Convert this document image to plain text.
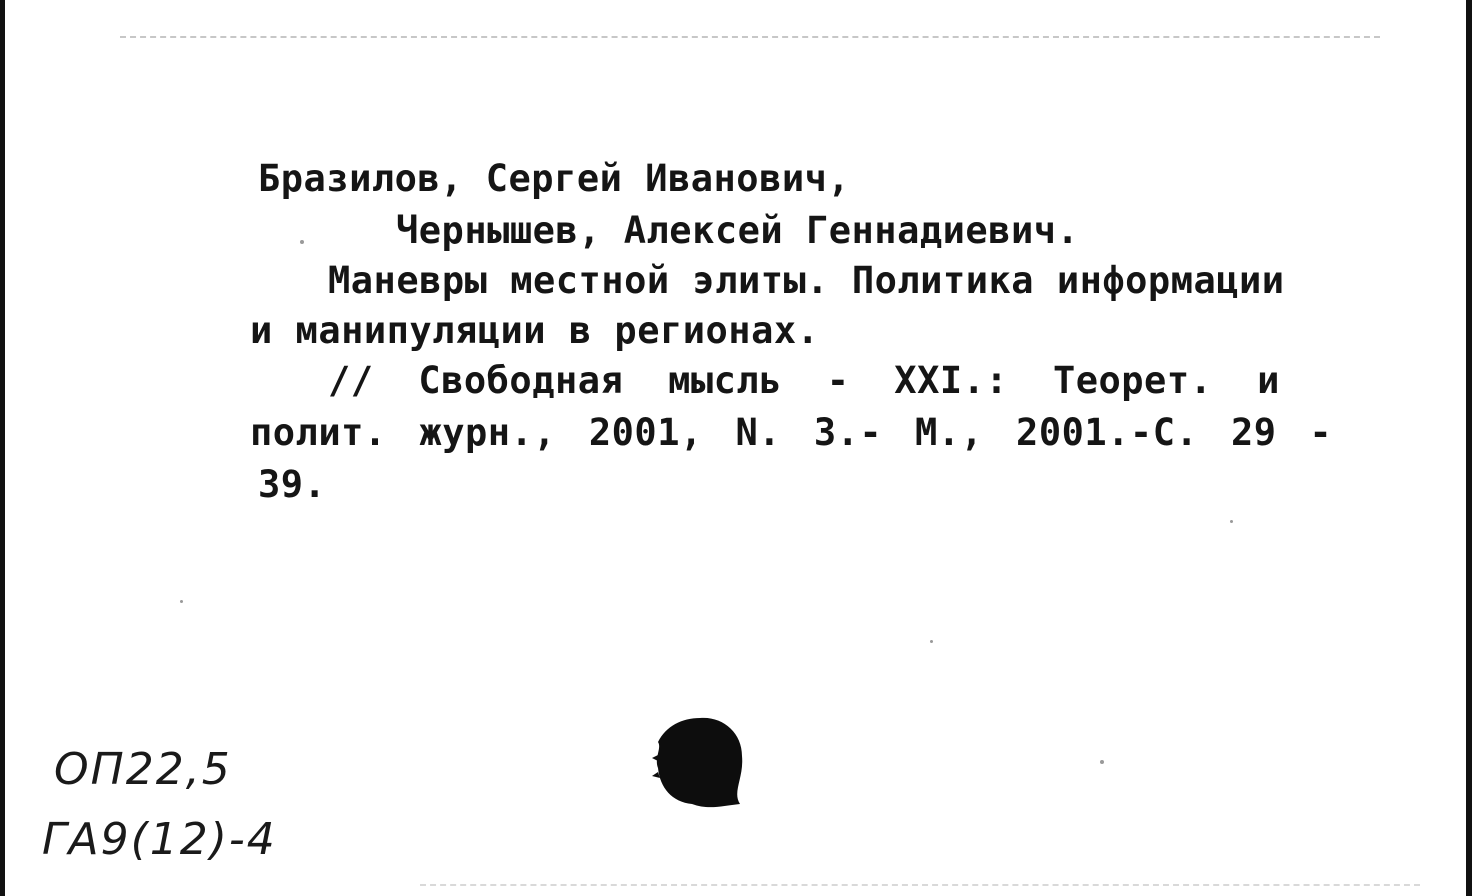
Бразилов, Сергей Иванович,
Чернышев, Алексей Геннадиевич.
Маневры местной элиты. Политика информации
и манипуляции в регионах.
// Свободная мысль - XXI.: Теорет. и
полит. журн., 2001, N. 3.- М., 2001.-С. 29 -
39.
ОП22,5
ГА9(12)-4
